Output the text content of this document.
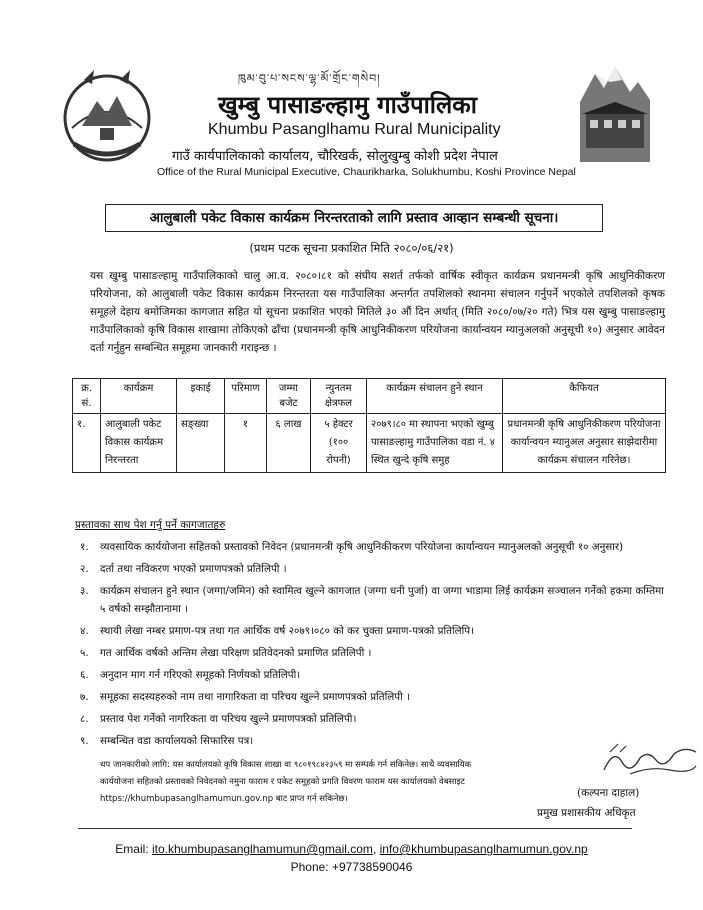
ཁུམ་བུ་པ་སངས་ལྷ་མོ་གྲོང་གསེབ།
खुम्बु पासाङल्हामु गाउँपालिका
Khumbu Pasanglhamu Rural Municipality
गाउँ कार्यपालिकाको कार्यालय, चौरिखर्क, सोलुखुम्बु कोशी प्रदेश नेपाल
Office of the Rural Municipal Executive, Chaurikharka, Solukhumbu, Koshi Province Nepal
आलुबाली पकेट विकास कार्यक्रम निरन्तरताको लागि प्रस्ताव आव्हान सम्बन्धी सूचना।
(प्रथम पटक सूचना प्रकाशित मिति २०८०/०६/२१)
यस खुम्बु पासाङल्हामु गाउँपालिकाको चालु आ.व. २०८०।८१ को संघीय सशर्त तर्फको वार्षिक स्वीकृत कार्यक्रम प्रधानमन्त्री कृषि आधुनिकीकरण परियोजना, को आलुबाली पकेट विकास कार्यक्रम निरन्तरता यस गाउँपालिका अन्तर्गत तपशिलको स्थानमा संचालन गर्नुपर्ने भएकोले तपशिलको कृषक समूहले देहाय बमोजिमका कागजात सहित यो सूचना प्रकाशित भएको मितिले ३० औं दिन अर्थात् (मिति २०८०/०७/२० गते) भित्र यस खुम्बु पासाङल्हामु गाउँपालिकाको कृषि विकास शाखामा तोकिएको ढाँचा (प्रधानमन्त्री कृषि आधुनिकीकरण परियोजना कार्यान्वयन म्यानुअलको अनुसूची १०) अनुसार आवेदन दर्ता गर्नुहुन सम्बन्धित समूहमा जानकारी गराइन्छ ।
क्र. सं.	कार्यक्रम	इकाई	परिमाण	जम्मा बजेट	न्युनतम क्षेत्रफल	कार्यक्रम संचालन हुने स्थान	कैफियत
१.	आलुबाली पकेट विकास कार्यक्रम निरन्तरता	सङ्ख्या	१	६ लाख	५ हेक्टर (१०० रोपनी)	२०७९।८० मा स्थापना भएको खुम्बु पासाङल्हामु गाउँपालिका वडा नं. ४ स्थित खुन्दे कृषि समुह	प्रधानमन्त्री कृषि आधुनिकीकरण परियोजना कार्यान्वयन म्यानुअल अनुसार साझेदारीमा कार्यक्रम संचालन गरिनेछ।
प्रस्तावका साथ पेश गर्नु पर्ने कागजातहरु
१.	व्यवसायिक कार्ययोजना सहितको प्रस्तावको निवेदन (प्रधानमन्त्री कृषि आधुनिकीकरण परियोजना कार्यान्वयन म्यानुअलको अनुसूची १० अनुसार)
२.	दर्ता तथा नविकरण भएको प्रमाणपत्रको प्रतिलिपी ।
३.	कार्यक्रम संचालन हुने स्थान (जग्गा/जमिन) को स्वामित्व खुल्ने कागजात (जग्गा धनी पुर्जा) वा जग्गा भाडामा लिई कार्यक्रम सञ्चालन गर्नेको हकमा कम्तिमा ५ वर्षको सम्झौतानामा ।
४.	स्थायी लेखा नम्बर प्रमाण-पत्र तथा गत आर्थिक वर्ष २०७९।०८० को कर चुक्ता प्रमाण-पत्रको प्रतिलिपि।
५.	गत आर्थिक वर्षको अन्तिम लेखा परिक्षण प्रतिवेदनको प्रमाणित प्रतिलिपी ।
६.	अनुदान माग गर्न गरिएको समूहको निर्णयको प्रतिलिपी।
७.	समूहका सदस्यहरुको नाम तथा नागारिकता वा परिचय खुल्ने प्रमाणपत्रको प्रतिलिपी ।
८.	प्रस्ताव पेश गर्नेको नागरिकता वा परिचय खुल्ने प्रमाणपत्रको प्रतिलिपी।
९.	सम्बन्धित वडा कार्यालयको सिफारिस पत्र।
थप जानकारीको लागि: यस कार्यालयको कृषि विकास शाखा वा ९८०१९८४२३५९ मा सम्पर्क गर्न सकिनेछ। साथै व्यवसायिक
कार्ययोजना सहितको प्रस्तावको निवेदनको नमुना फाराम र पकेट समूहको प्रगति विवरण फाराम यस कार्यालयको वेबसाइट
https://khumbupasanglhamumun.gov.np बाट प्राप्त गर्न सकिनेछ।	(कल्पना दाहाल)
प्रमुख प्रशासकीय अधिकृत
Email: ito.khumbupasanglhamumun@gmail.com, info@khumbupasanglhamumun.gov.np
Phone: +97738590046
